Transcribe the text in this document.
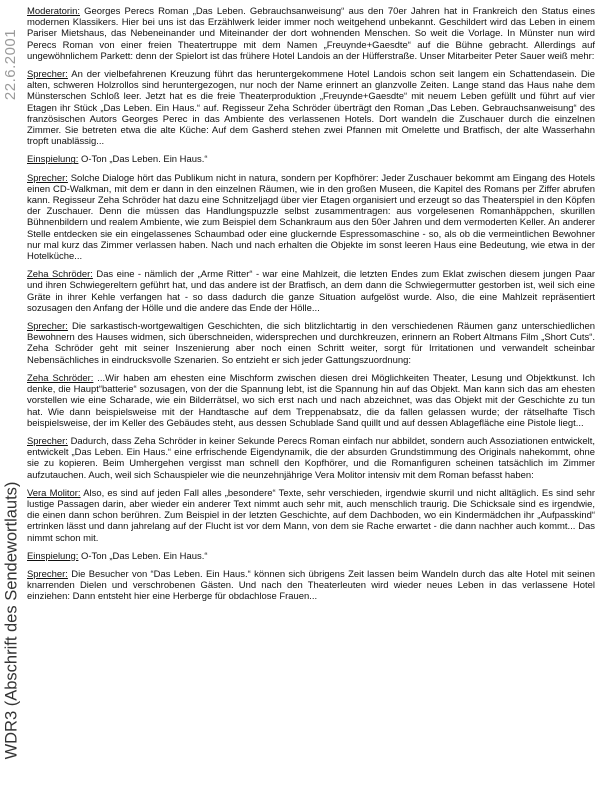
22.6.2001
WDR3 (Abschrift des Sendewortlauts)

Moderatorin: Georges Perecs Roman „Das Leben. Gebrauchsanweisung“ aus den 70er Jahren hat in Frankreich den Status eines modernen Klassikers. Hier bei uns ist das Erzählwerk leider immer noch weitgehend unbekannt. Geschildert wird das Leben in einem Pariser Mietshaus, das Nebeneinander und Miteinander der dort wohnenden Menschen. So weit die Vorlage. In Münster nun wird Perecs Roman von einer freien Theatertruppe mit dem Namen „Freuynde+Gaesdte“ auf die Bühne gebracht. Allerdings auf ungewöhnlichem Parkett: denn der Spielort ist das frühere Hotel Landois an der Hüfferstraße. Unser Mitarbeiter Peter Sauer weiß mehr:

Sprecher: An der vielbefahrenen Kreuzung führt das heruntergekommene Hotel Landois schon seit langem ein Schattendasein. Die alten, schweren Holzrollos sind heruntergezogen, nur noch der Name erinnert an glanzvolle Zeiten. Lange stand das Haus nahe dem Münsterschen Schloß leer. Jetzt hat es die freie Theaterproduktion „Freuynde+Gaesdte“ mit neuem Leben gefüllt und führt auf vier Etagen ihr Stück „Das Leben. Ein Haus.“ auf. Regisseur Zeha Schröder überträgt den Roman „Das Leben. Gebrauchsanweisung“ des französischen Autors Georges Perec in das Ambiente des verlassenen Hotels. Dort wandeln die Zuschauer durch die einzelnen Zimmer. Sie betreten etwa die alte Küche: Auf dem Gasherd stehen zwei Pfannen mit Omelette und Bratfisch, der alte Wasserhahn tropft unablässig...

Einspielung: O-Ton „Das Leben. Ein Haus.“

Sprecher: Solche Dialoge hört das Publikum nicht in natura, sondern per Kopfhörer: Jeder Zuschauer bekommt am Eingang des Hotels einen CD-Walkman, mit dem er dann in den einzelnen Räumen, wie in den großen Museen, die Kapitel des Romans per Ziffer abrufen kann. Regisseur Zeha Schröder hat dazu eine Schnitzeljagd über vier Etagen organisiert und erzeugt so das Theaterspiel in den Köpfen der Zuschauer. Denn die müssen das Handlungspuzzle selbst zusammentragen: aus vorgelesenen Romanhäppchen, skurillen Bühnenbildern und realem Ambiente, wie zum Beispiel dem Schankraum aus den 50er Jahren und dem vermoderten Keller. An anderer Stelle entdecken sie ein eingelassenes Schaumbad oder eine gluckernde Espressomaschine - so, als ob die vermeintlichen Bewohner nur mal kurz das Zimmer verlassen haben. Nach und nach erhalten die Objekte im sonst leeren Haus eine Bedeutung, wie etwa in der Hotelküche...

Zeha Schröder: Das eine - nämlich der „Arme Ritter“ - war eine Mahlzeit, die letzten Endes zum Eklat zwischen diesem jungen Paar und ihren Schwiegereltern geführt hat, und das andere ist der Bratfisch, an dem dann die Schwiegermutter gestorben ist, weil sich eine Gräte in ihrer Kehle verfangen hat - so dass dadurch die ganze Situation aufgelöst wurde. Also, die eine Mahlzeit repräsentiert sozusagen den Anfang der Hölle und die andere das Ende der Hölle...

Sprecher: Die sarkastisch-wortgewaltigen Geschichten, die sich blitzlichtartig in den verschiedenen Räumen ganz unterschiedlichen Bewohnern des Hauses widmen, sich überschneiden, widersprechen und durchkreuzen, erinnern an Robert Altmans Film „Short Cuts“. Zeha Schröder geht mit seiner Inszenierung aber noch einen Schritt weiter, sorgt für Irritationen und verwandelt scheinbar Nebensächliches in eindrucksvolle Szenarien. So entzieht er sich jeder Gattungszuordnung:

Zeha Schröder: ...Wir haben am ehesten eine Mischform zwischen diesen drei Möglichkeiten Theater, Lesung und Objektkunst. Ich denke, die Haupt“batterie“ sozusagen, von der die Spannung lebt, ist die Spannung hin auf das Objekt. Man kann sich das am ehesten vorstellen wie eine Scharade, wie ein Bilderrätsel, wo sich erst nach und nach abzeichnet, was das Objekt mit der Geschichte zu tun hat. Wie dann beispielsweise mit der Handtasche auf dem Treppenabsatz, die da fallen gelassen wurde; der rätselhafte Tisch beispielsweise, der im Keller des Gebäudes steht, aus dessen Schublade Sand quillt und auf dessen Ablagefläche eine Pistole liegt...

Sprecher: Dadurch, dass Zeha Schröder in keiner Sekunde Perecs Roman einfach nur abbildet, sondern auch Assoziationen entwickelt, entwickelt „Das Leben. Ein Haus.“ eine erfrischende Eigendynamik, die der absurden Grundstimmung des Originals nahekommt, ohne sie zu kopieren. Beim Umhergehen vergisst man schnell den Kopfhörer, und die Romanfiguren scheinen tatsächlich im Zimmer aufzutauchen. Auch, weil sich Schauspieler wie die neunzehnjährige Vera Molitor intensiv mit dem Roman befasst haben:

Vera Molitor: Also, es sind auf jeden Fall alles „besondere“ Texte, sehr verschieden, irgendwie skurril und nicht alltäglich. Es sind sehr lustige Passagen darin, aber wieder ein anderer Text nimmt auch sehr mit, auch menschlich traurig. Die Schicksale sind es irgendwie, die einen dann schon berühren. Zum Beispiel in der letzten Geschichte, auf dem Dachboden, wo ein Kindermädchen ihr „Aufpasskind“ ertrinken lässt und dann jahrelang auf der Flucht ist vor dem Mann, von dem sie Rache erwartet - die dann nachher auch kommt... Das nimmt schon mit.

Einspielung: O-Ton „Das Leben. Ein Haus.“

Sprecher: Die Besucher von “Das Leben. Ein Haus.“ können sich übrigens Zeit lassen beim Wandeln durch das alte Hotel mit seinen knarrenden Dielen und verschrobenen Gästen. Und nach den Theaterleuten wird wieder neues Leben in das verlassene Hotel einziehen: Dann entsteht hier eine Herberge für obdachlose Frauen...
